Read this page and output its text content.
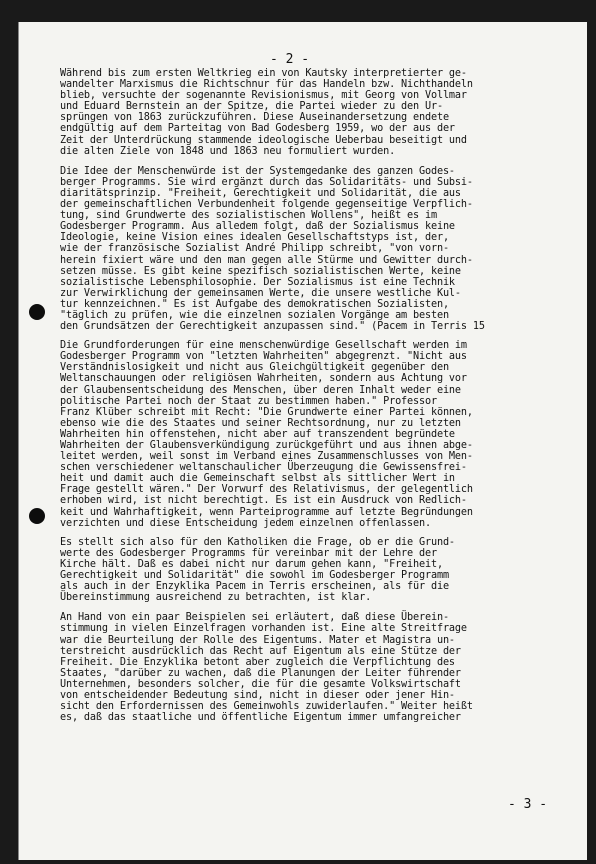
- 2 -
Während bis zum ersten Weltkrieg ein von Kautsky interpretierter ge-
wandelter Marxismus die Richtschnur für das Handeln bzw. Nichthandeln
blieb, versuchte der sogenannte Revisionismus, mit Georg von Vollmar
und Eduard Bernstein an der Spitze, die Partei wieder zu den Ur-
sprüngen von 1863 zurückzuführen. Diese Auseinandersetzung endete
endgültig auf dem Parteitag von Bad Godesberg 1959, wo der aus der
Zeit der Unterdrückung stammende ideologische Ueberbau beseitigt und
die alten Ziele von 1848 und 1863 neu formuliert wurden.
Die Idee der Menschenwürde ist der Systemgedanke des ganzen Godes-
berger Programms. Sie wird ergänzt durch das Solidaritäts- und Subsi-
diaritätsprinzip. "Freiheit, Gerechtigkeit und Solidarität, die aus
der gemeinschaftlichen Verbundenheit folgende gegenseitige Verpflich-
tung, sind Grundwerte des sozialistischen Wollens", heißt es im
Godesberger Programm. Aus alledem folgt, daß der Sozialismus keine
Ideologie, keine Vision eines idealen Gesellschaftstyps ist, der,
wie der französische Sozialist André Philipp schreibt, "von vorn-
herein fixiert wäre und den man gegen alle Stürme und Gewitter durch-
setzen müsse. Es gibt keine spezifisch sozialistischen Werte, keine
sozialistische Lebensphilosophie. Der Sozialismus ist eine Technik
zur Verwirklichung der gemeinsamen Werte, die unsere westliche Kul-
tur kennzeichnen." Es ist Aufgabe des demokratischen Sozialisten,
"täglich zu prüfen, wie die einzelnen sozialen Vorgänge am besten
den Grundsätzen der Gerechtigkeit anzupassen sind." (Pacem in Terris 15
Die Grundforderungen für eine menschenwürdige Gesellschaft werden im
Godesberger Programm von "letzten Wahrheiten" abgegrenzt. "Nicht aus
Verständnislosigkeit und nicht aus Gleichgültigkeit gegenüber den
Weltanschauungen oder religiösen Wahrheiten, sondern aus Achtung vor
der Glaubensentscheidung des Menschen, über deren Inhalt weder eine
politische Partei noch der Staat zu bestimmen haben." Professor
Franz Klüber schreibt mit Recht: "Die Grundwerte einer Partei können,
ebenso wie die des Staates und seiner Rechtsordnung, nur zu letzten
Wahrheiten hin offenstehen, nicht aber auf transzendent begründete
Wahrheiten der Glaubensverkündigung zurückgeführt und aus ihnen abge-
leitet werden, weil sonst im Verband eines Zusammenschlusses von Men-
schen verschiedener weltanschaulicher Überzeugung die Gewissensfrei-
heit und damit auch die Gemeinschaft selbst als sittlicher Wert in
Frage gestellt wären." Der Vorwurf des Relativismus, der gelegentlich
erhoben wird, ist nicht berechtigt. Es ist ein Ausdruck von Redlich-
keit und Wahrhaftigkeit, wenn Parteiprogramme auf letzte Begründungen
verzichten und diese Entscheidung jedem einzelnen offenlassen.
Es stellt sich also für den Katholiken die Frage, ob er die Grund-
werte des Godesberger Programms für vereinbar mit der Lehre der
Kirche hält. Daß es dabei nicht nur darum gehen kann, "Freiheit,
Gerechtigkeit und Solidarität" die sowohl im Godesberger Programm
als auch in der Enzyklika Pacem in Terris erscheinen, als für die
Übereinstimmung ausreichend zu betrachten, ist klar.
An Hand von ein paar Beispielen sei erläutert, daß diese Überein-
stimmung in vielen Einzelfragen vorhanden ist. Eine alte Streitfrage
war die Beurteilung der Rolle des Eigentums. Mater et Magistra un-
terstreicht ausdrücklich das Recht auf Eigentum als eine Stütze der
Freiheit. Die Enzyklika betont aber zugleich die Verpflichtung des
Staates, "darüber zu wachen, daß die Planungen der Leiter führender
Unternehmen, besonders solcher, die für die gesamte Volkswirtschaft
von entscheidender Bedeutung sind, nicht in dieser oder jener Hin-
sicht den Erfordernissen des Gemeinwohls zuwiderlaufen." Weiter heißt
es, daß das staatliche und öffentliche Eigentum immer umfangreicher
- 3 -
